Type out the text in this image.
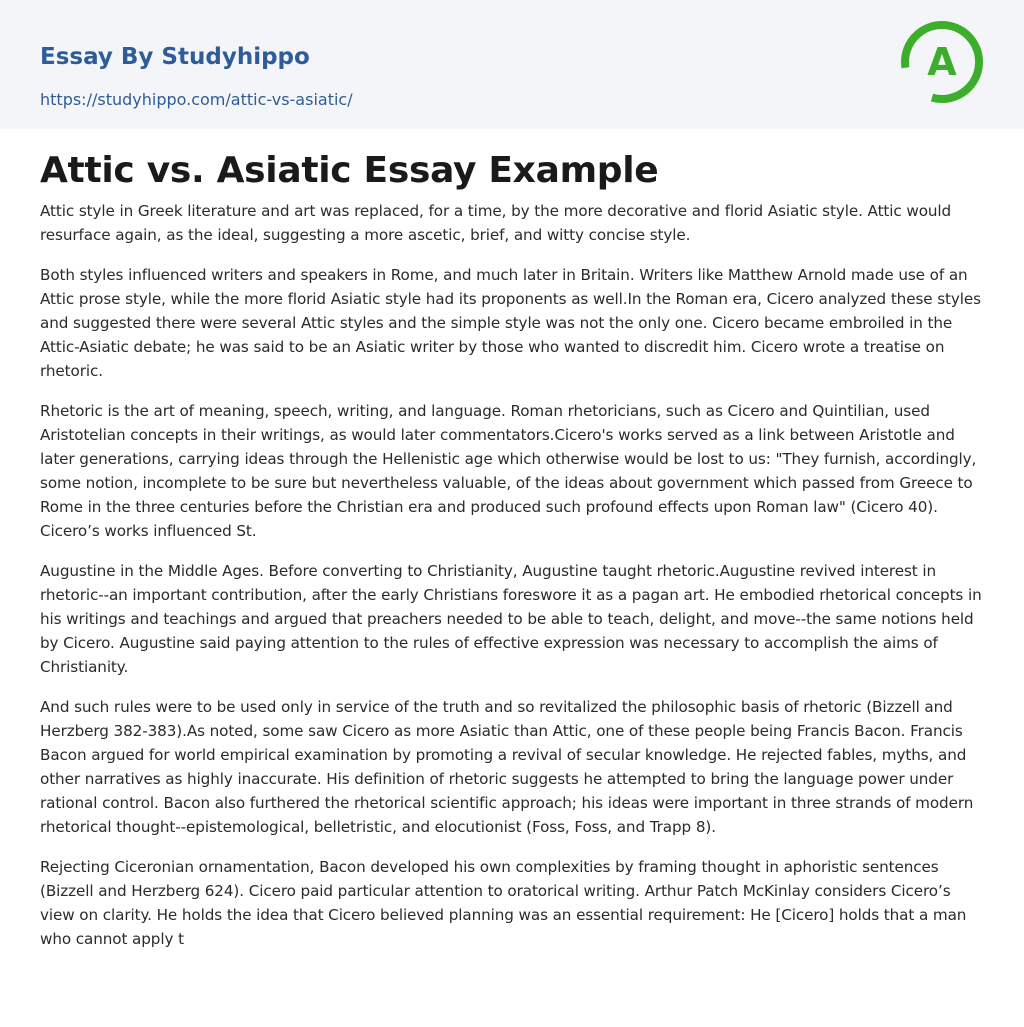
Essay By Studyhippo
https://studyhippo.com/attic-vs-asiatic/
A
Attic vs. Asiatic Essay Example

Attic style in Greek literature and art was replaced, for a time, by the more decorative and florid Asiatic style. Attic would resurface again, as the ideal, suggesting a more ascetic, brief, and witty concise style.

Both styles influenced writers and speakers in Rome, and much later in Britain. Writers like Matthew Arnold made use of an Attic prose style, while the more florid Asiatic style had its proponents as well.In the Roman era, Cicero analyzed these styles and suggested there were several Attic styles and the simple style was not the only one. Cicero became embroiled in the Attic-Asiatic debate; he was said to be an Asiatic writer by those who wanted to discredit him. Cicero wrote a treatise on rhetoric.

Rhetoric is the art of meaning, speech, writing, and language. Roman rhetoricians, such as Cicero and Quintilian, used Aristotelian concepts in their writings, as would later commentators.Cicero's works served as a link between Aristotle and later generations, carrying ideas through the Hellenistic age which otherwise would be lost to us: "They furnish, accordingly, some notion, incomplete to be sure but nevertheless valuable, of the ideas about government which passed from Greece to Rome in the three centuries before the Christian era and produced such profound effects upon Roman law" (Cicero 40). Cicero’s works influenced St.

Augustine in the Middle Ages. Before converting to Christianity, Augustine taught rhetoric.Augustine revived interest in rhetoric--an important contribution, after the early Christians foreswore it as a pagan art. He embodied rhetorical concepts in his writings and teachings and argued that preachers needed to be able to teach, delight, and move--the same notions held by Cicero. Augustine said paying attention to the rules of effective expression was necessary to accomplish the aims of Christianity.

And such rules were to be used only in service of the truth and so revitalized the philosophic basis of rhetoric (Bizzell and Herzberg 382-383).As noted, some saw Cicero as more Asiatic than Attic, one of these people being Francis Bacon. Francis Bacon argued for world empirical examination by promoting a revival of secular knowledge. He rejected fables, myths, and other narratives as highly inaccurate. His definition of rhetoric suggests he attempted to bring the language power under rational control. Bacon also furthered the rhetorical scientific approach; his ideas were important in three strands of modern rhetorical thought--epistemological, belletristic, and elocutionist (Foss, Foss, and Trapp 8).

Rejecting Ciceronian ornamentation, Bacon developed his own complexities by framing thought in aphoristic sentences (Bizzell and Herzberg 624). Cicero paid particular attention to oratorical writing. Arthur Patch McKinlay considers Cicero’s view on clarity. He holds the idea that Cicero believed planning was an essential requirement: He [Cicero] holds that a man who cannot apply t
